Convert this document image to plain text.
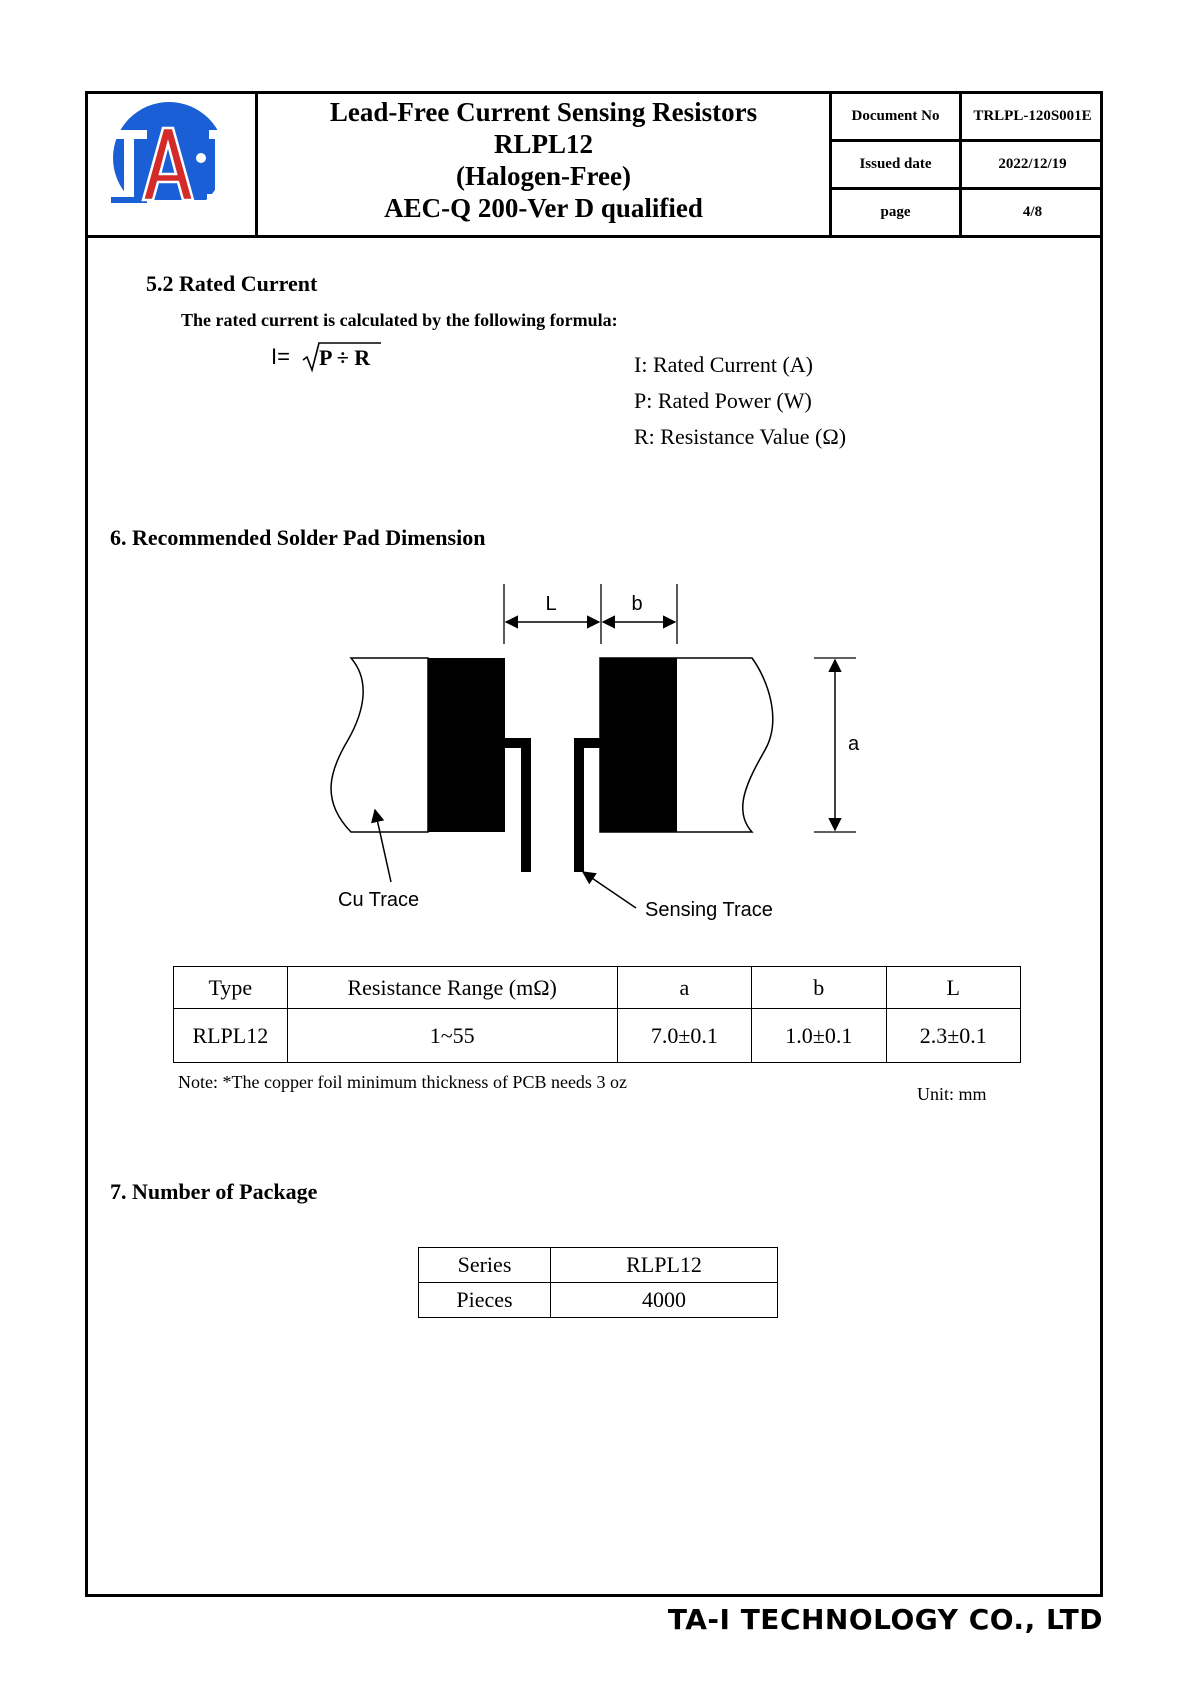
Lead-Free Current Sensing Resistors
RLPL12
(Halogen-Free)
AEC-Q 200-Ver D qualified
Document No	TRLPL-120S001E
Issued date	2022/12/19
page	4/8
5.2 Rated Current
The rated current is calculated by the following formula:
I= P ÷ R	I: Rated Current (A)
P: Rated Power (W)
R: Resistance Value (Ω)
6. Recommended Solder Pad Dimension
L	b
a
Cu Trace	Sensing Trace
Type	Resistance Range (mΩ)	a	b	L
RLPL12	1~55	7.0±0.1	1.0±0.1	2.3±0.1
Note: *The copper foil minimum thickness of PCB needs 3 oz
Unit: mm
7. Number of Package
Series	RLPL12
Pieces	4000
TA-I TECHNOLOGY CO., LTD
